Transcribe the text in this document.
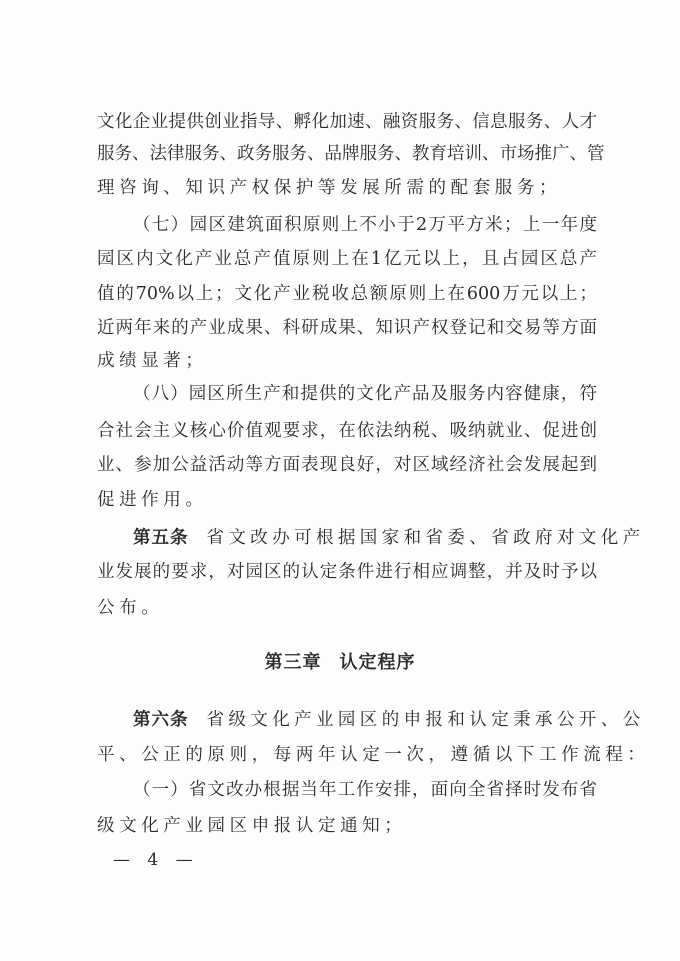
文化企业提供创业指导、孵化加速、融资服务、信息服务、人才
服务、法律服务、政务服务、品牌服务、教育培训、市场推广、管
理咨询、知识产权保护等发展所需的配套服务；
（七）园区建筑面积原则上不小于2万平方米；上一年度
园区内文化产业总产值原则上在1亿元以上，且占园区总产
值的70%以上；文化产业税收总额原则上在600万元以上；
近两年来的产业成果、科研成果、知识产权登记和交易等方面
成绩显著；
（八）园区所生产和提供的文化产品及服务内容健康，符
合社会主义核心价值观要求，在依法纳税、吸纳就业、促进创
业、参加公益活动等方面表现良好，对区域经济社会发展起到
促进作用。
第五条 省文改办可根据国家和省委、省政府对文化产
业发展的要求，对园区的认定条件进行相应调整，并及时予以
公布。
第三章 认定程序
第六条 省级文化产业园区的申报和认定秉承公开、公
平、公正的原则，每两年认定一次，遵循以下工作流程：
（一）省文改办根据当年工作安排，面向全省择时发布省
级文化产业园区申报认定通知；
— 4 —
